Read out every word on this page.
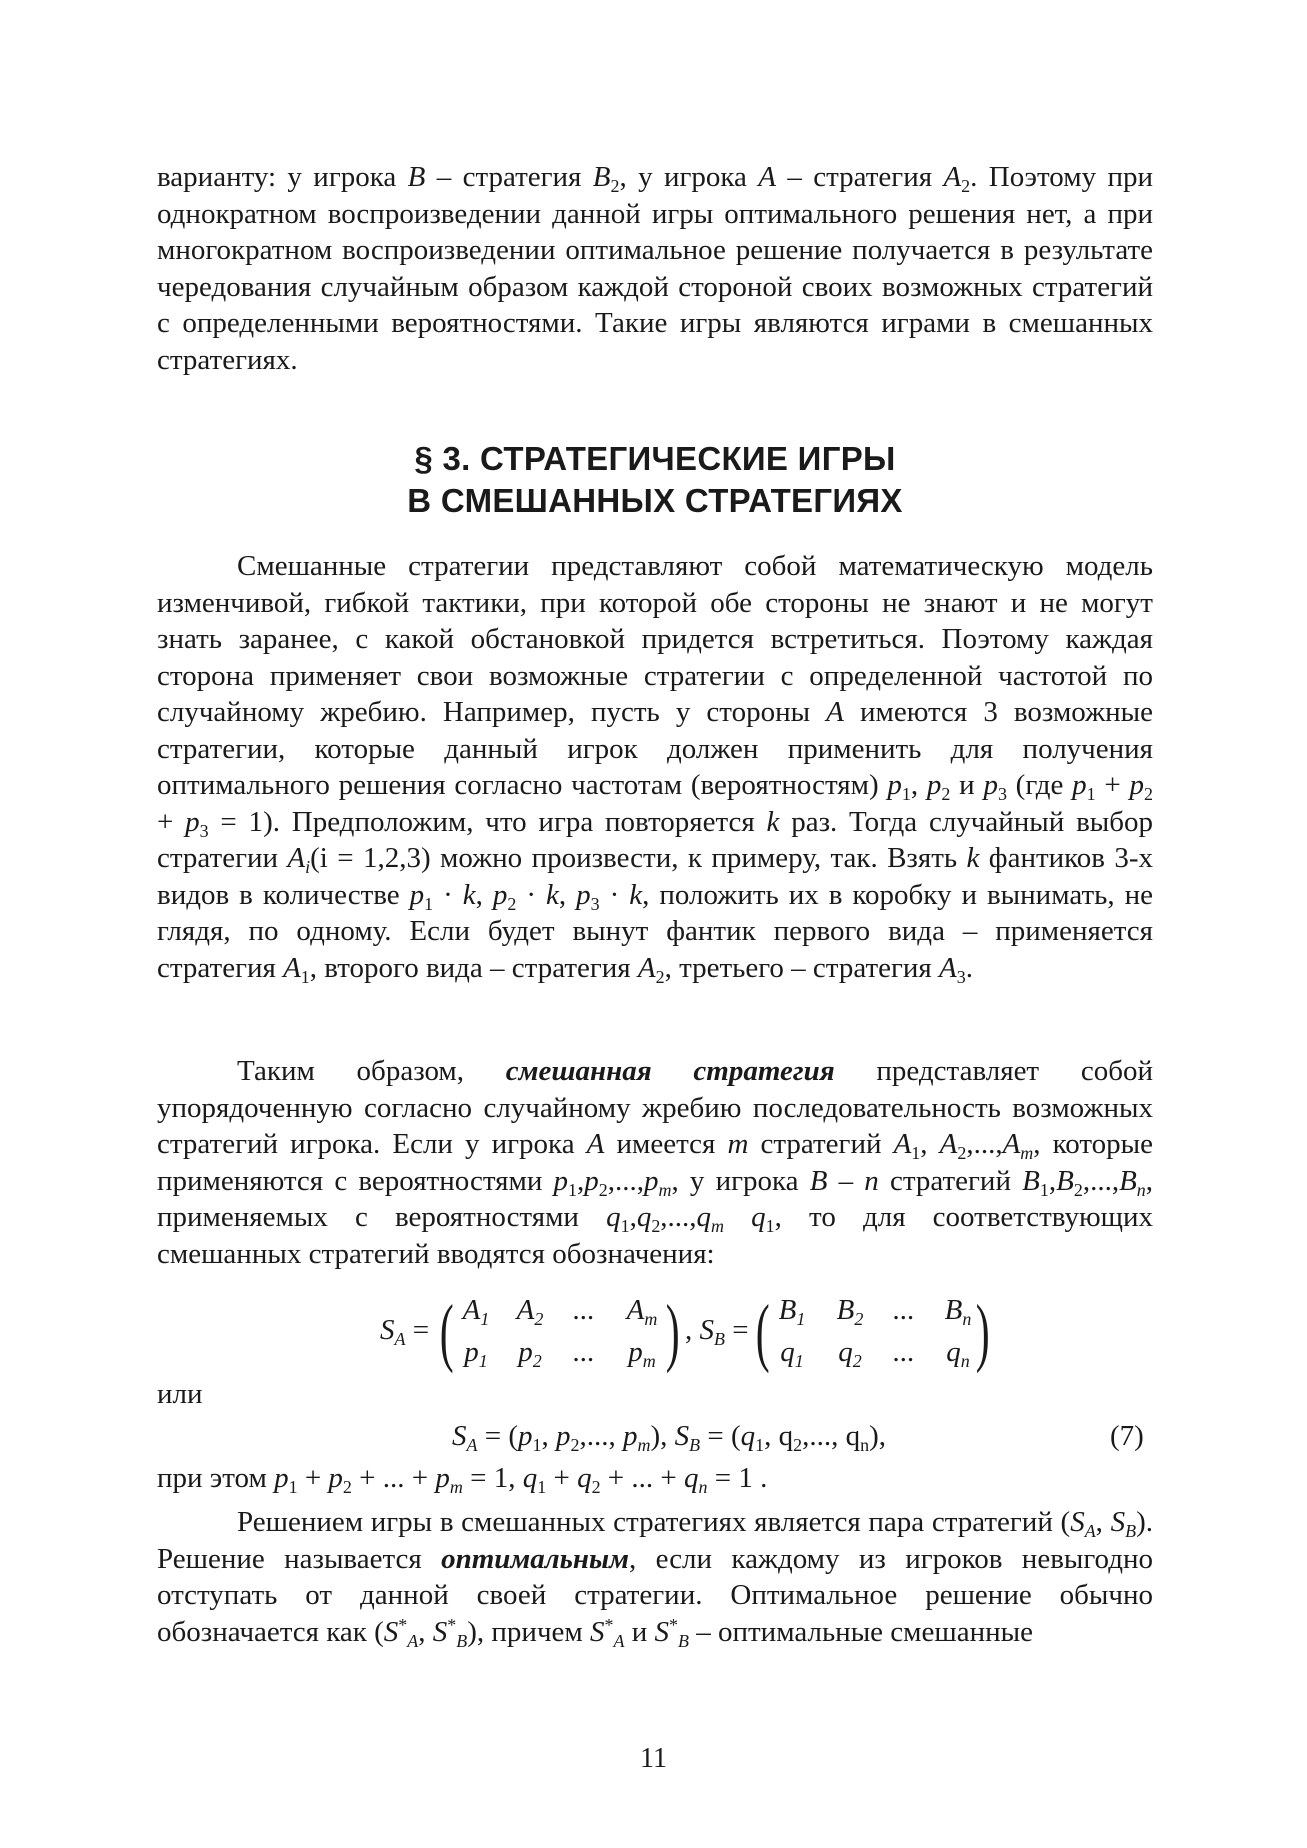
варианту: у игрока B – стратегия $B_2$, у игрока A – стратегия $A_2$. Поэтому при однократном воспроизведении данной игры оптимального решения нет, а при многократном воспроизведении оптимальное решение получается в результате чередования случайным образом каждой стороной своих возможных стратегий с определенными вероятностями. Такие игры являются играми в смешанных стратегиях.

§ 3. СТРАТЕГИЧЕСКИЕ ИГРЫ
В СМЕШАННЫХ СТРАТЕГИЯХ

Смешанные стратегии представляют собой математическую модель изменчивой, гибкой тактики, при которой обе стороны не знают и не могут знать заранее, с какой обстановкой придется встретиться. Поэтому каждая сторона применяет свои возможные стратегии с определенной частотой по случайному жребию. Например, пусть у стороны A имеются 3 возможные стратегии, которые данный игрок должен применить для получения оптимального решения согласно частотам (вероятностям) $p_1$, $p_2$ и $p_3$ (где $p_1 + p_2 + p_3 = 1$). Предположим, что игра повторяется k раз. Тогда случайный выбор стратегии $A_i(i = 1,2,3)$ можно произвести, к примеру, так. Взять k фантиков 3-х видов в количестве $p_1 \cdot k$, $p_2 \cdot k$, $p_3 \cdot k$, положить их в коробку и вынимать, не глядя, по одному. Если будет вынут фантик первого вида – применяется стратегия $A_1$, второго вида – стратегия $A_2$, третьего – стратегия $A_3$.

Таким образом, смешанная стратегия представляет собой упорядоченную согласно случайному жребию последовательность возможных стратегий игрока. Если у игрока A имеется m стратегий $A_1$, $A_2,...,A_m$, которые применяются с вероятностями $p_1,p_2,...,p_m$, у игрока B – n стратегий $B_1,B_2,...,B_n$, применяемых с вероятностями $q_1,q_2,...,q_m$ $q_1$, то для соответствующих смешанных стратегий вводятся обозначения:

$S_A$ = ( $A_1$ $A_2$	...	$A_m$
$p_1$	$p_2$	...	$p_m$ ) , $S_B$ = ( $B_1$	$B_2$	...	$B_n$
$q_1$	$q_2$	...	$q_n$ )
или
$S_A = (p_1$, $p_2$,..., $p_m$), $S_B = (q_1$, $q_2$,..., $q_n$),	(7)
при этом $p_1 + p_2$ + ... + $p_m = 1$, $q_1 + q_2$ + ... + $q_n = 1$ .

Решением игры в смешанных стратегиях является пара стратегий ($S_A$, $S_B$). Решение называется оптимальным, если каждому из игроков невыгодно отступать от данной своей стратегии. Оптимальное решение обычно обозначается как ($S^*_A$, $S^*_B$), причем $S^*_A$ и $S^*_B$ – оптимальные смешанные

11
